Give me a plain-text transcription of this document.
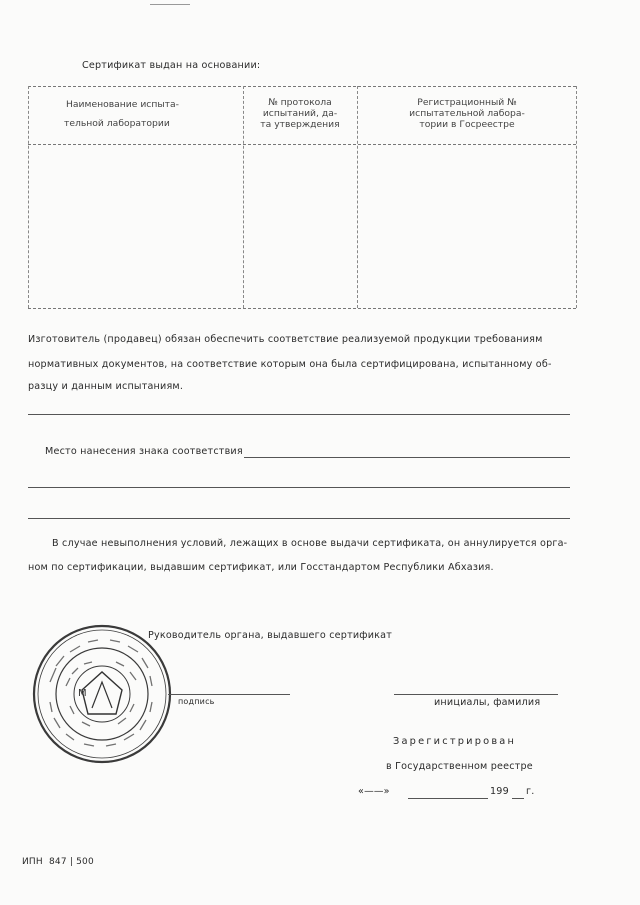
Сертификат выдан на основании:
Наименование испыта-
тельной лаборатории
№ протокола
испытаний, да-
та утверждения
Регистрационный №
испытательной лабора-
тории в Госреестре
Изготовитель (продавец) обязан обеспечить соответствие реализуемой продукции требованиям
нормативных документов, на соответствие которым она была сертифицирована, испытанному об-
разцу и данным испытаниям.
Место нанесения знака соответствия
В случае невыполнения условий, лежащих в основе выдачи сертификата, он аннулируется орга-
ном по сертификации, выдавшим сертификат, или Госстандартом Республики Абхазия.
Руководитель органа, выдавшего сертификат
M
подпись	инициалы, фамилия
Зарегистрирован
в Государственном реестре
«——»	199 г.
ИПН  847 | 500
